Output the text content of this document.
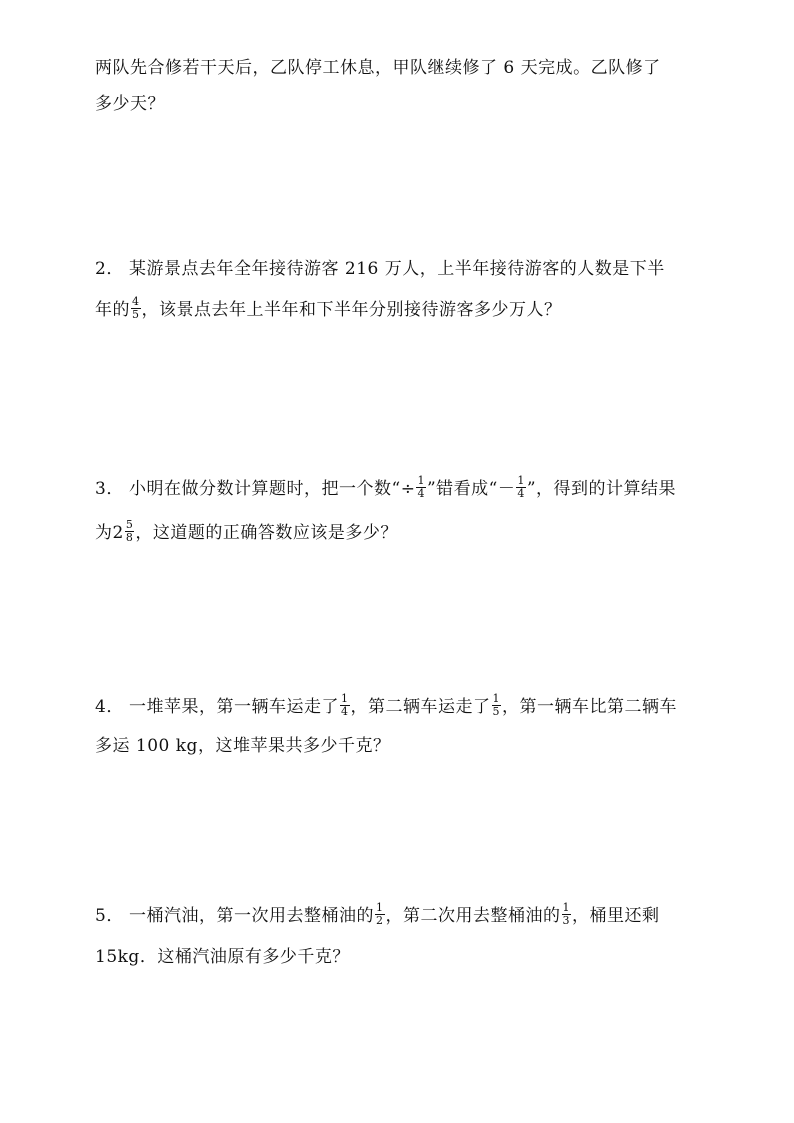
两队先合修若干天后，乙队停工休息，甲队继续修了 6 天完成。乙队修了
多少天？
2． 某游景点去年全年接待游客 216 万人，上半年接待游客的人数是下半
年的 $\frac{4}{5}$ ，该景点去年上半年和下半年分别接待游客多少万人？
3． 小明在做分数计算题时，把一个数“÷ $\frac{1}{4}$ ”错看成“－ $\frac{1}{4}$ ”，得到的计算结果
为$2 \frac{5}{8}$ ，这道题的正确答数应该是多少？
4． 一堆苹果，第一辆车运走了 $\frac{1}{4}$ ，第二辆车运走了 $\frac{1}{5}$ ，第一辆车比第二辆车
多运 100 kg，这堆苹果共多少千克？
5． 一桶汽油，第一次用去整桶油的 $\frac{1}{2}$ ，第二次用去整桶油的 $\frac{1}{3}$ ，桶里还剩
15kg．这桶汽油原有多少千克？
